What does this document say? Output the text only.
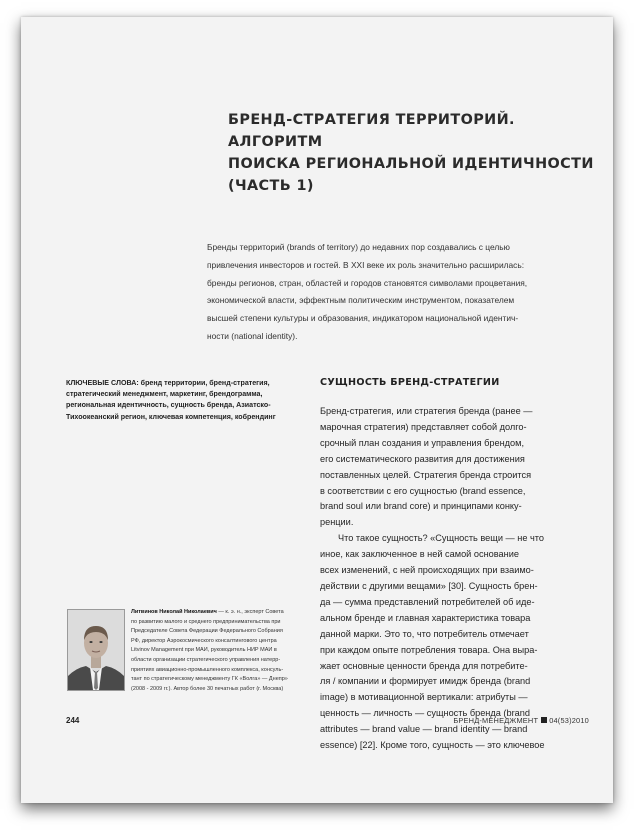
БРЕНД-СТРАТЕГИЯ ТЕРРИТОРИЙ. АЛГОРИТМ
ПОИСКА РЕГИОНАЛЬНОЙ ИДЕНТИЧНОСТИ
(ЧАСТЬ 1)
Бренды территорий (brands of territory) до недавних пор создавались с целью
привлечения инвесторов и гостей. В XXI веке их роль значительно расширилась:
бренды регионов, стран, областей и городов становятся символами процветания,
экономической власти, эффектным политическим инструментом, показателем
высшей степени культуры и образования, индикатором национальной идентич-
ности (national identity).
КЛЮЧЕВЫЕ СЛОВА: бренд территории, бренд-стратегия,
стратегический менеджмент, маркетинг, брендограмма,
региональная идентичность, сущность бренда, Азиатско-
Тихоокеанский регион, ключевая компетенция, кобрендинг
СУЩНОСТЬ БРЕНД-СТРАТЕГИИ
Бренд-стратегия, или стратегия бренда (ранее —
марочная стратегия) представляет собой долго-
срочный план создания и управления брендом,
его систематического развития для достижения
поставленных целей. Стратегия бренда строится
в соответствии с его сущностью (brand essence,
brand soul или brand core) и принципами конку-
ренции.
Что такое сущность? «Сущность вещи — не что
иное, как заключенное в ней самой основание
всех изменений, с ней происходящих при взаимо-
действии с другими вещами» [30]. Сущность брен-
да — сумма представлений потребителей об иде-
альном бренде и главная характеристика товара
данной марки. Это то, что потребитель отмечает
при каждом опыте потребления товара. Она выра-
жает основные ценности бренда для потребите-
ля / компании и формирует имидж бренда (brand
image) в мотивационной вертикали: атрибуты —
ценность — личность — сущность бренда (brand
attributes — brand value — brand identity — brand
essence) [22]. Кроме того, сущность — это ключевое
Литвинов Николай Николаевич — к. э. н., эксперт Совета
по развитию малого и среднего предпринимательства при
Председателе Совета Федерации Федерального Собрания
РФ, директор Аэрокосмического консалтингового центра
Litvinov Management при МАИ, руководитель НИР МАИ в
области организации стратегического управления натерр-
приятиях авиационно-промышленного комплекса, консуль-
тант по стратегическому менеджменту ГК «Волга» — Днепр»
(2008 - 2009 гг.). Автор более 30 печатных работ (г. Москва)
244	БРЕНД-МЕНЕДЖМЕНТ 04(53)2010
